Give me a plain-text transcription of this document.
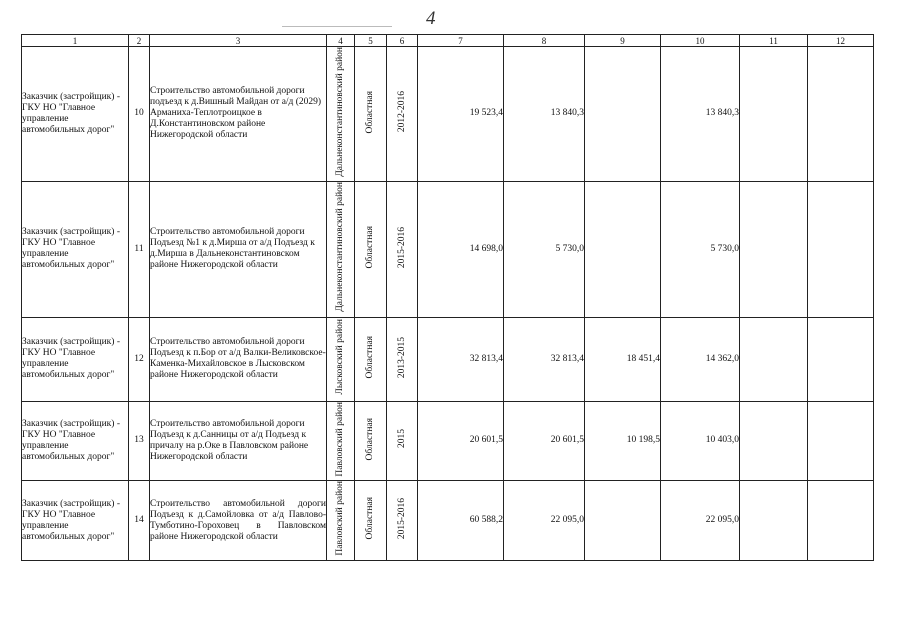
4
1	2	3	4	5	6	7	8	9	10	11	12
Заказчик (застройщик) - ГКУ НО "Главное управление автомобильных дорог"	10	Строительство автомобильной дороги подъезд к д.Вишный Майдан от а/д (2029) Арманиха-Теплотроицкое в Д.Константиновском районе Нижегородской области	Дальнеконстантиновский район	Областная	2012-2016	19 523,4	13 840,3		13 840,3		
Заказчик (застройщик) - ГКУ НО "Главное управление автомобильных дорог"	11	Строительство автомобильной дороги Подъезд №1 к д.Мирша от а/д Подъезд к д.Мирша в Дальнеконстантиновском районе Нижегородской области	Дальнеконстантиновский район	Областная	2015-2016	14 698,0	5 730,0		5 730,0		
Заказчик (застройщик) - ГКУ НО "Главное управление автомобильных дорог"	12	Строительство автомобильной дороги Подъезд к п.Бор от а/д Валки-Великовское-Каменка-Михайловское в Лысковском районе Нижегородской области	Лысковский район	Областная	2013-2015	32 813,4	32 813,4	18 451,4	14 362,0		
Заказчик (застройщик) - ГКУ НО "Главное управление автомобильных дорог"	13	Строительство автомобильной дороги Подъезд к д.Санницы от а/д Подъезд к причалу на р.Оке в Павловском районе Нижегородской области	Павловский район	Областная	2015	20 601,5	20 601,5	10 198,5	10 403,0		
Заказчик (застройщик) - ГКУ НО "Главное управление автомобильных дорог"	14	Строительство автомобильной дороги Подъезд к д.Самойловка от а/д Павлово-Тумботино-Гороховец в Павловском районе Нижегородской области	Павловский район	Областная	2015-2016	60 588,2	22 095,0		22 095,0		
